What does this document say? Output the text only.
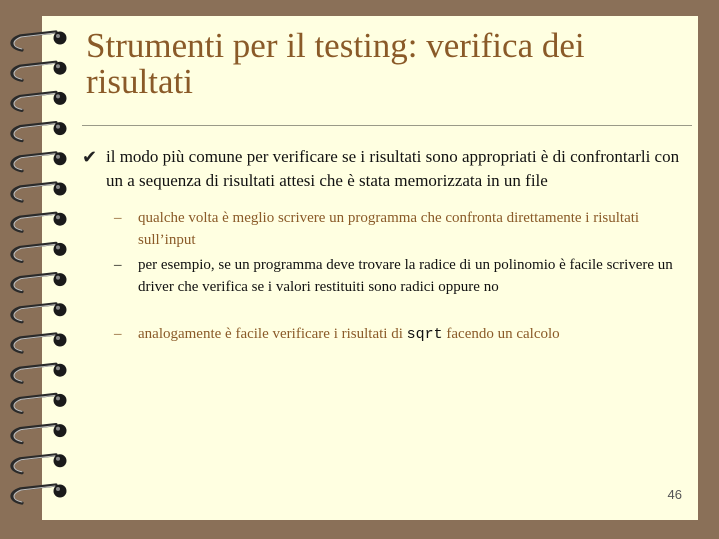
Strumenti per il testing: verifica dei risultati
✔ il modo più comune per verificare se i risultati sono appropriati è di confrontarli con un a sequenza di risultati attesi che è stata memorizzata in un file
– qualche volta è meglio scrivere un programma che confronta direttamente i risultati sull’input
– per esempio, se un programma deve trovare la radice di un polinomio è facile scrivere un driver che verifica se i valori restituiti sono radici oppure no
– analogamente è facile verificare i risultati di sqrt facendo un calcolo
46
